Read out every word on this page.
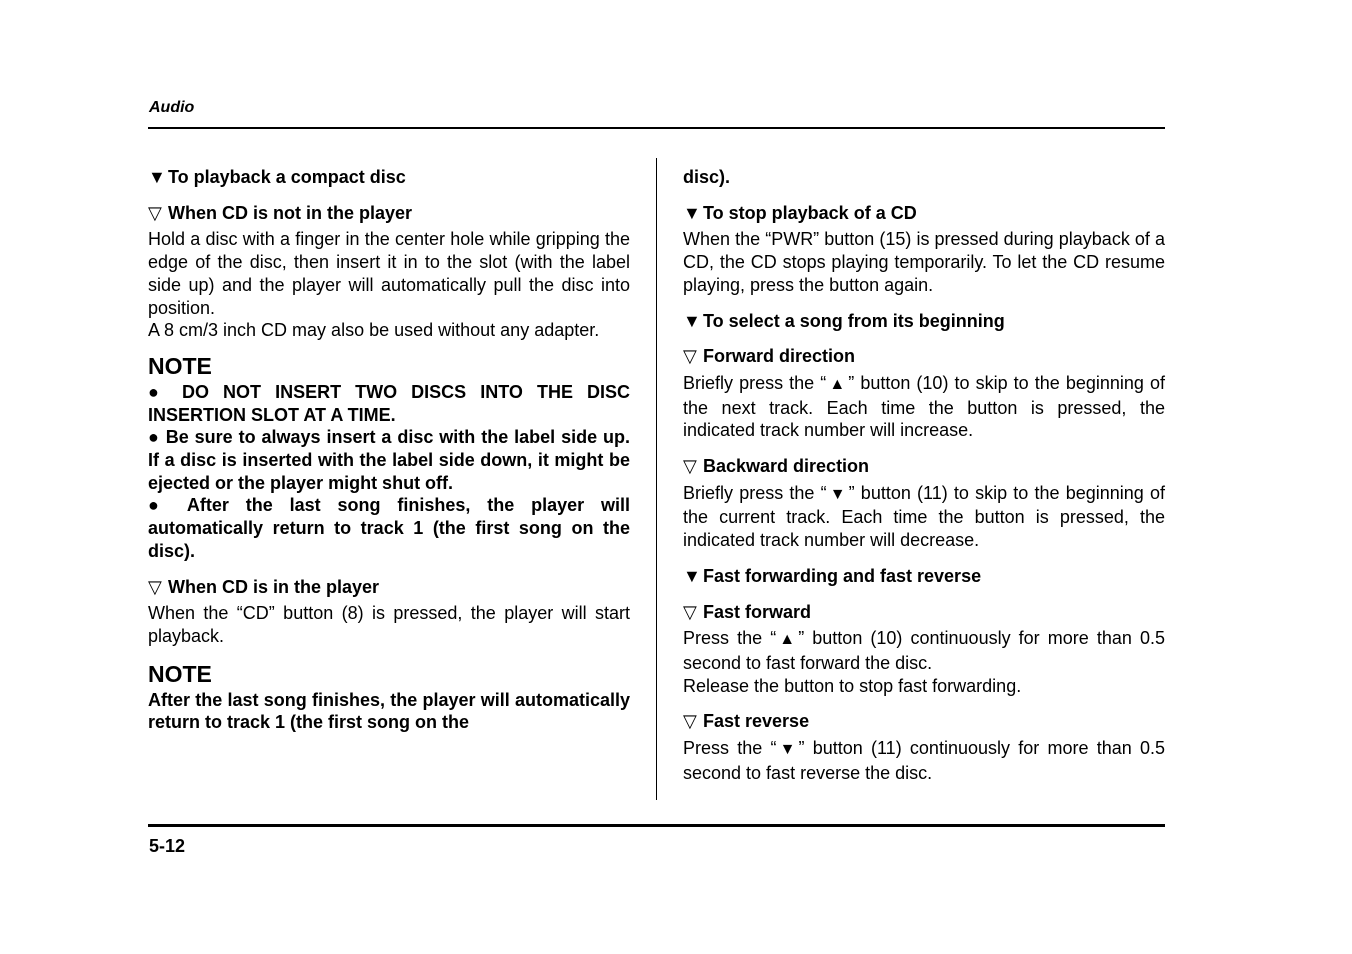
Audio
5-12
▼ To playback a compact disc
▽ When CD is not in the player

Hold a disc with a finger in the center hole while gripping the edge of the disc, then insert it in to the slot (with the label side up) and the player will automatically pull the disc into position.

A 8 cm/3 inch CD may also be used without any adapter.

NOTE

● DO NOT INSERT TWO DISCS INTO THE DISC INSERTION SLOT AT A TIME.

● Be sure to always insert a disc with the label side up. If a disc is inserted with the label side down, it might be ejected or the player might shut off.

● After the last song finishes, the player will automatically return to track 1 (the first song on the disc).

▽ When CD is in the player

When the “CD” button (8) is pressed, the player will start playback.

NOTE

After the last song finishes, the player will automatically return to track 1 (the first song on the

disc).

▼ To stop playback of a CD

When the “PWR” button (15) is pressed during playback of a CD, the CD stops playing temporarily. To let the CD resume playing, press the button again.

▼ To select a song from its beginning
▽ Forward direction

Briefly press the “ ▲ ” button (10) to skip to the beginning of the next track. Each time the button is pressed, the indicated track number will increase.

▽ Backward direction

Briefly press the “ ▼ ” button (11) to skip to the beginning of the current track. Each time the button is pressed, the indicated track number will decrease.

▼ Fast forwarding and fast reverse
▽ Fast forward

Press the “ ▲ ” button (10) continuously for more than 0.5 second to fast forward the disc.

Release the button to stop fast forwarding.

▽ Fast reverse

Press the “ ▼ ” button (11) continuously for more than 0.5 second to fast reverse the disc.
